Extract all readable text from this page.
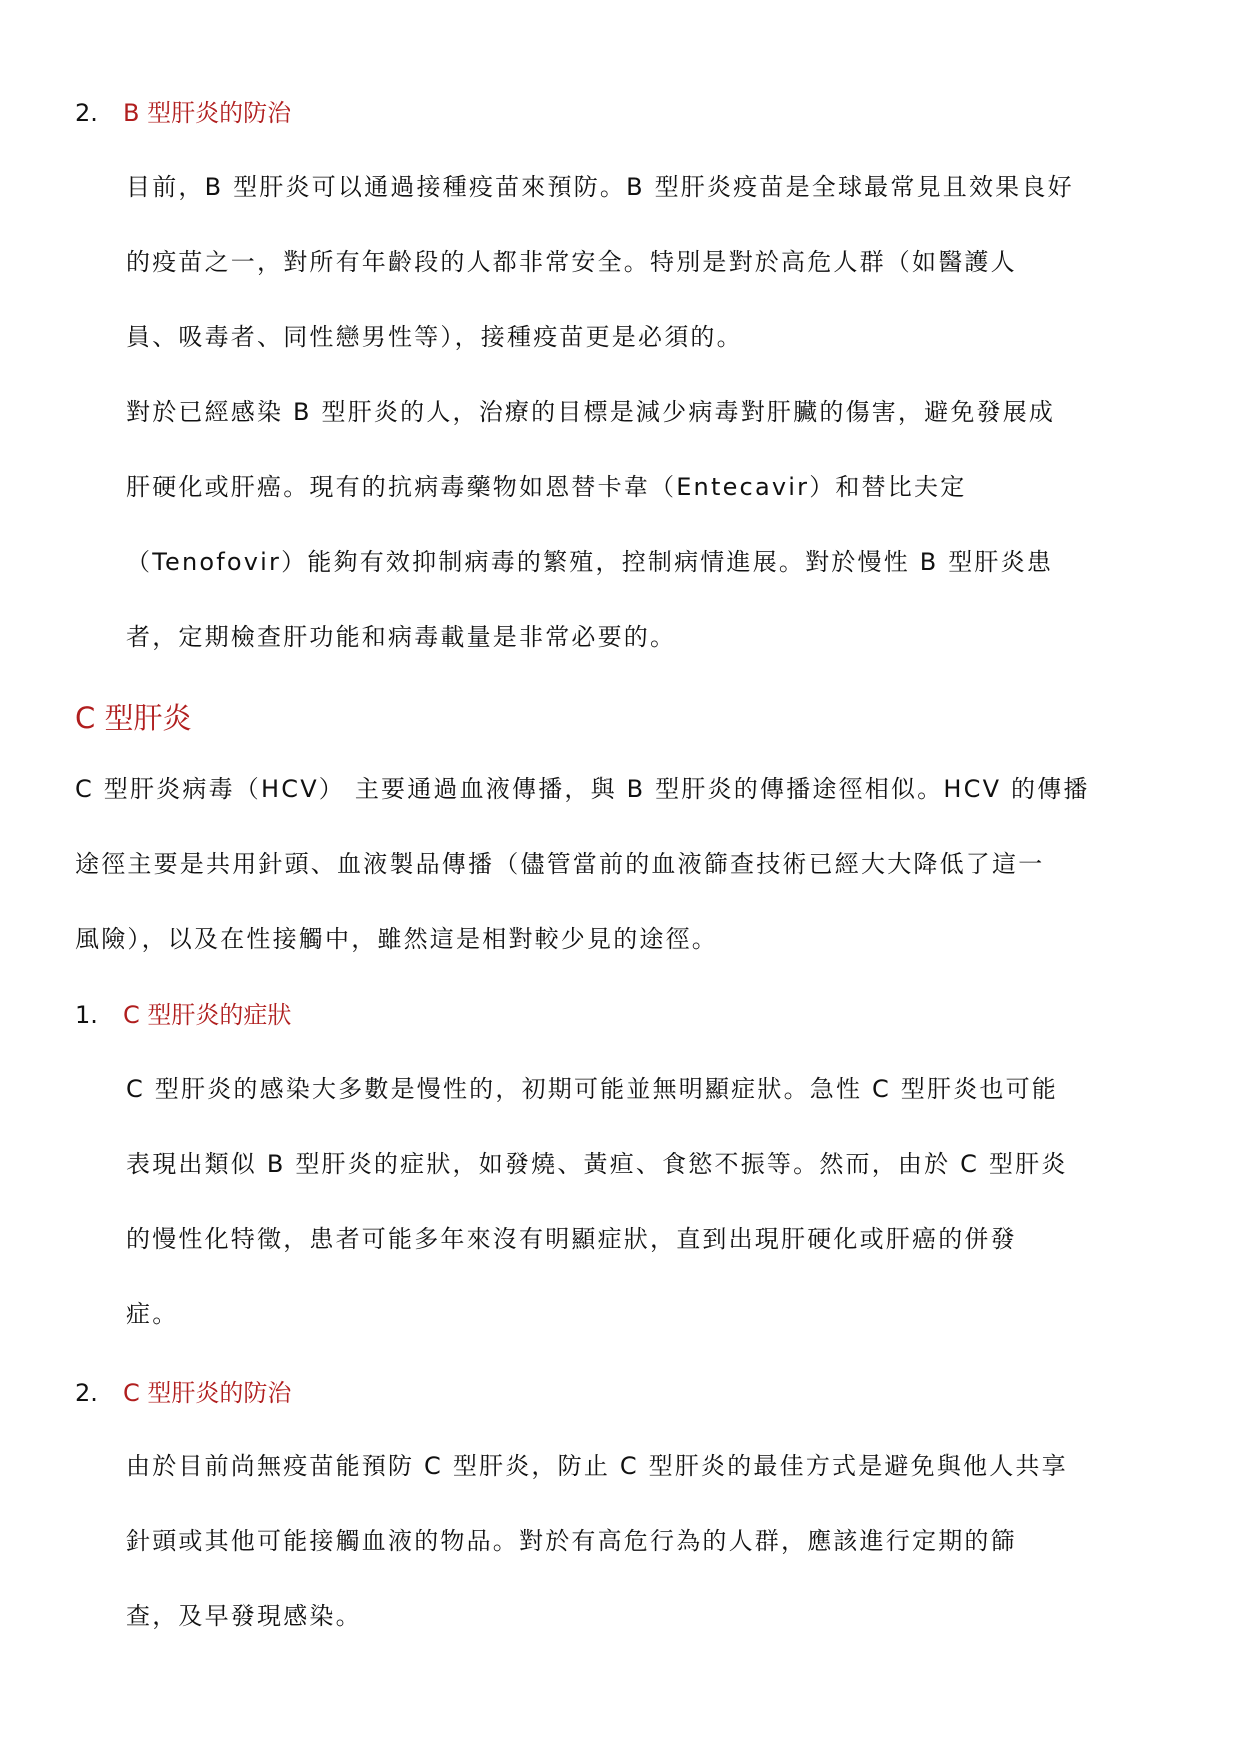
2. B 型肝炎的防治
目前，B 型肝炎可以通過接種疫苗來預防。B 型肝炎疫苗是全球最常見且效果良好
的疫苗之一，對所有年齡段的人都非常安全。特別是對於高危人群（如醫護人
員、吸毒者、同性戀男性等），接種疫苗更是必須的。
對於已經感染 B 型肝炎的人，治療的目標是減少病毒對肝臟的傷害，避免發展成
肝硬化或肝癌。現有的抗病毒藥物如恩替卡韋（Entecavir）和替比夫定
（Tenofovir）能夠有效抑制病毒的繁殖，控制病情進展。對於慢性 B 型肝炎患
者，定期檢查肝功能和病毒載量是非常必要的。
C 型肝炎
C 型肝炎病毒（HCV） 主要通過血液傳播，與 B 型肝炎的傳播途徑相似。HCV 的傳播
途徑主要是共用針頭、血液製品傳播（儘管當前的血液篩查技術已經大大降低了這一
風險），以及在性接觸中，雖然這是相對較少見的途徑。
1. C 型肝炎的症狀
C 型肝炎的感染大多數是慢性的，初期可能並無明顯症狀。急性 C 型肝炎也可能
表現出類似 B 型肝炎的症狀，如發燒、黃疸、食慾不振等。然而，由於 C 型肝炎
的慢性化特徵，患者可能多年來沒有明顯症狀，直到出現肝硬化或肝癌的併發
症。
2. C 型肝炎的防治
由於目前尚無疫苗能預防 C 型肝炎，防止 C 型肝炎的最佳方式是避免與他人共享
針頭或其他可能接觸血液的物品。對於有高危行為的人群，應該進行定期的篩
查，及早發現感染。
